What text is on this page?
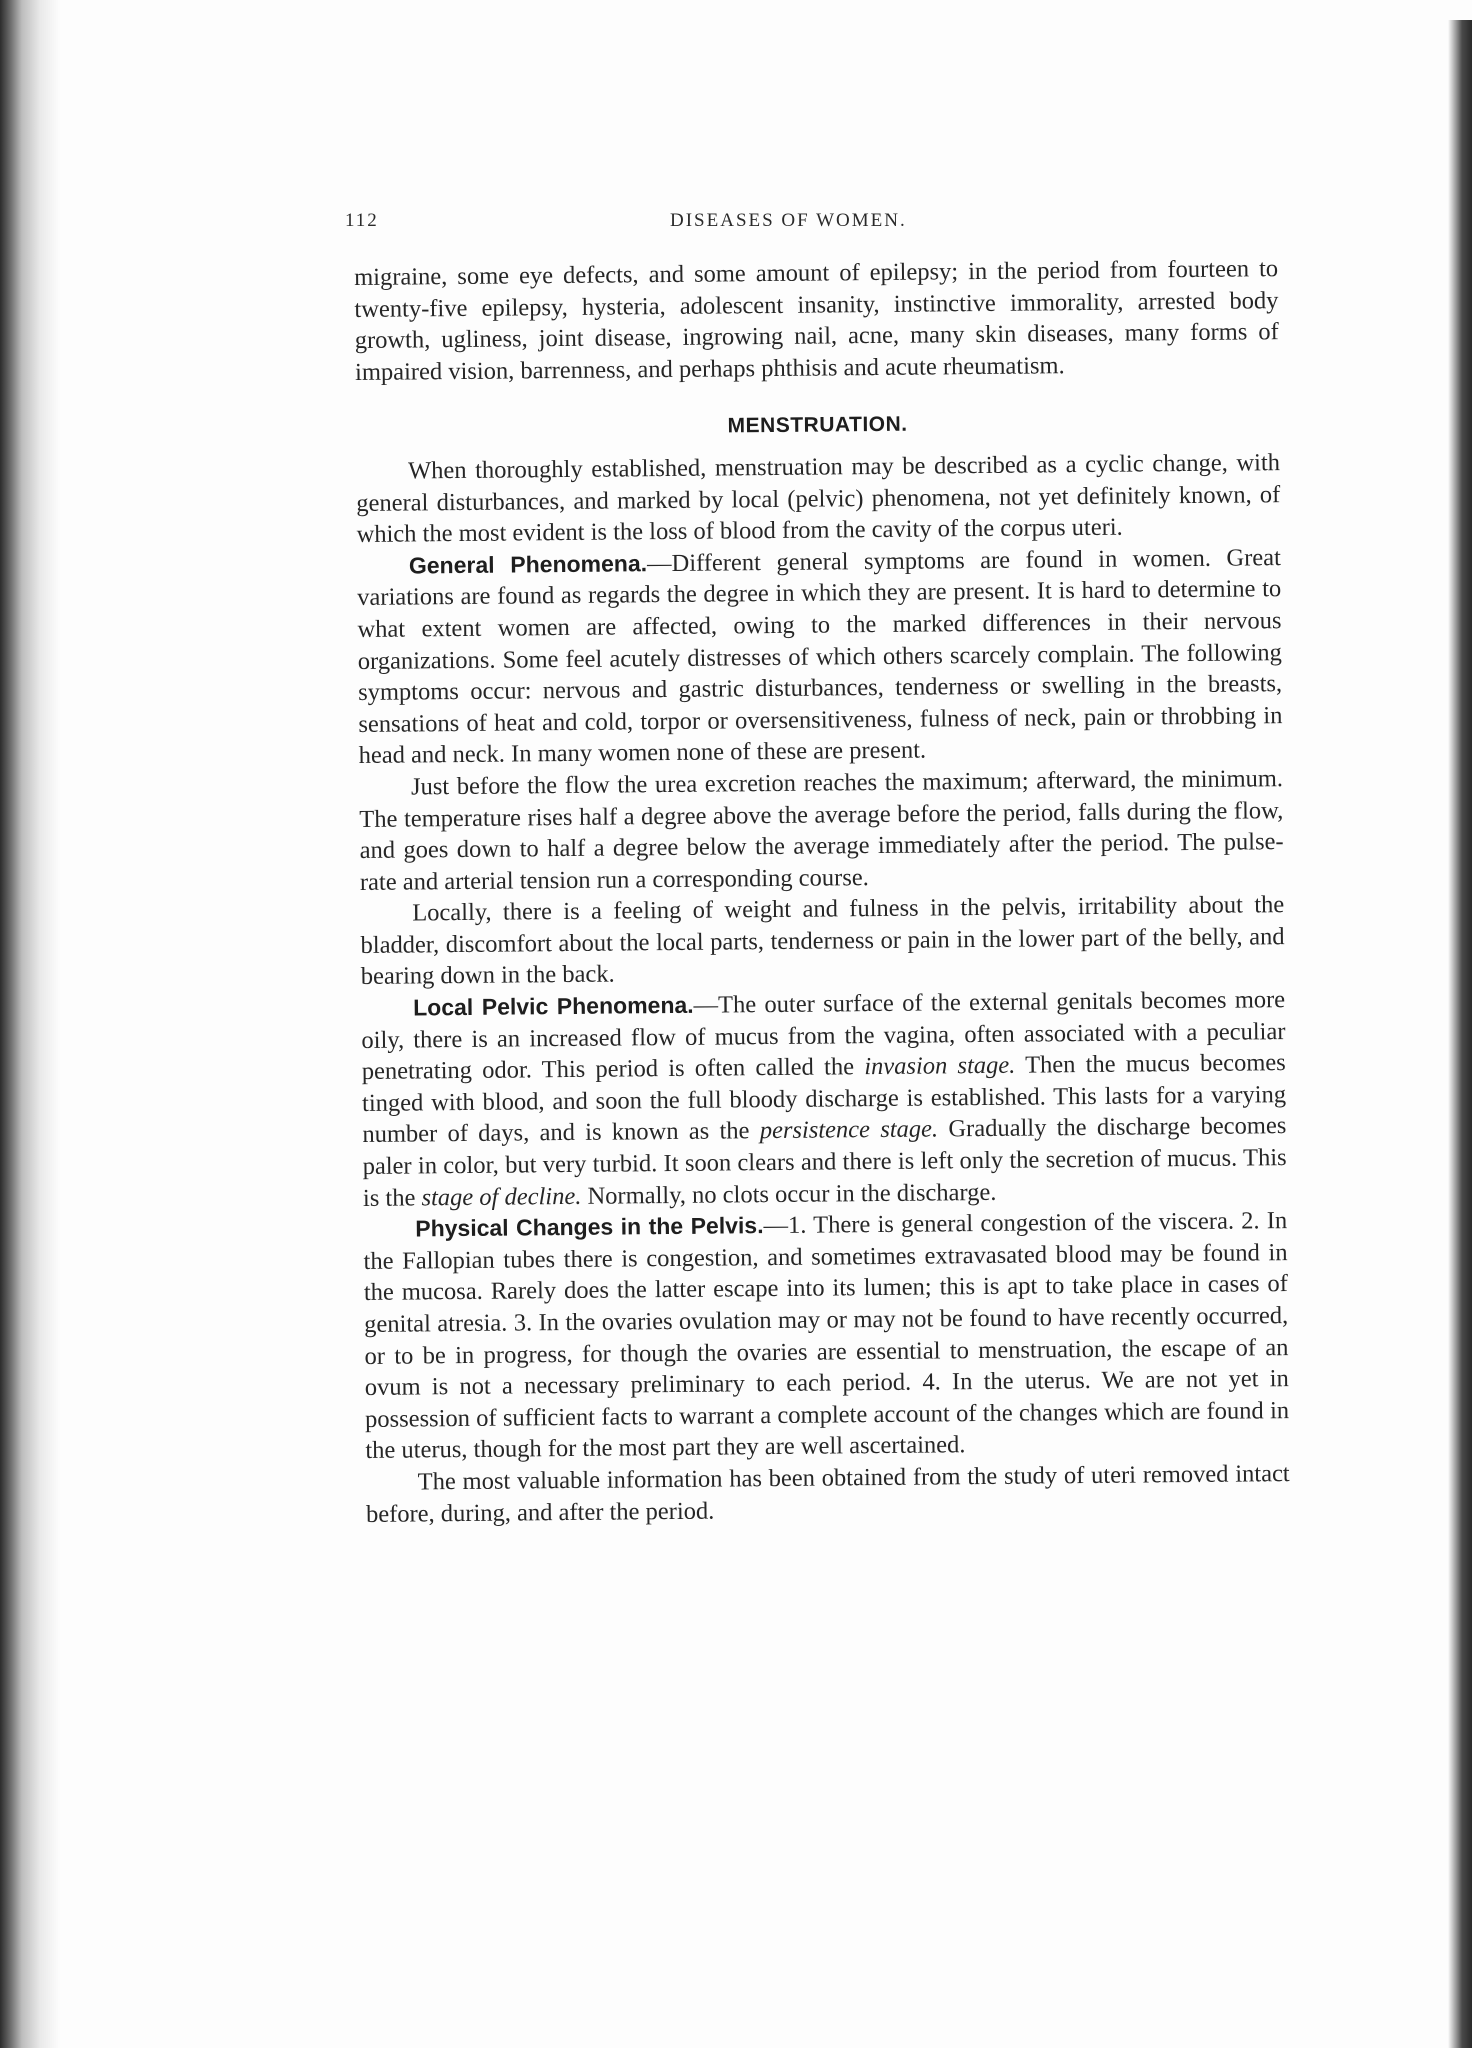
112	DISEASES OF WOMEN.

migraine, some eye defects, and some amount of epilepsy; in the period from fourteen to twenty-five epilepsy, hysteria, adolescent insanity, instinctive immorality, arrested body growth, ugliness, joint disease, ingrowing nail, acne, many skin diseases, many forms of impaired vision, barrenness, and perhaps phthisis and acute rheumatism.

MENSTRUATION.

When thoroughly established, menstruation may be described as a cyclic change, with general disturbances, and marked by local (pelvic) phenomena, not yet definitely known, of which the most evident is the loss of blood from the cavity of the corpus uteri.

General Phenomena.—Different general symptoms are found in women. Great variations are found as regards the degree in which they are present. It is hard to determine to what extent women are affected, owing to the marked differences in their nervous organizations. Some feel acutely distresses of which others scarcely complain. The following symptoms occur: nervous and gastric disturbances, tenderness or swelling in the breasts, sensations of heat and cold, torpor or oversensitiveness, fulness of neck, pain or throbbing in head and neck. In many women none of these are present.

Just before the flow the urea excretion reaches the maximum; afterward, the minimum. The temperature rises half a degree above the average before the period, falls during the flow, and goes down to half a degree below the average immediately after the period. The pulse-rate and arterial tension run a corresponding course.

Locally, there is a feeling of weight and fulness in the pelvis, irritability about the bladder, discomfort about the local parts, tenderness or pain in the lower part of the belly, and bearing down in the back.

Local Pelvic Phenomena.—The outer surface of the external genitals becomes more oily, there is an increased flow of mucus from the vagina, often associated with a peculiar penetrating odor. This period is often called the invasion stage. Then the mucus becomes tinged with blood, and soon the full bloody discharge is established. This lasts for a varying number of days, and is known as the persistence stage. Gradually the discharge becomes paler in color, but very turbid. It soon clears and there is left only the secretion of mucus. This is the stage of decline. Normally, no clots occur in the discharge.

Physical Changes in the Pelvis.—1. There is general congestion of the viscera. 2. In the Fallopian tubes there is congestion, and sometimes extravasated blood may be found in the mucosa. Rarely does the latter escape into its lumen; this is apt to take place in cases of genital atresia. 3. In the ovaries ovulation may or may not be found to have recently occurred, or to be in progress, for though the ovaries are essential to menstruation, the escape of an ovum is not a necessary preliminary to each period. 4. In the uterus. We are not yet in possession of sufficient facts to warrant a complete account of the changes which are found in the uterus, though for the most part they are well ascertained.

The most valuable information has been obtained from the study of uteri removed intact before, during, and after the period.
